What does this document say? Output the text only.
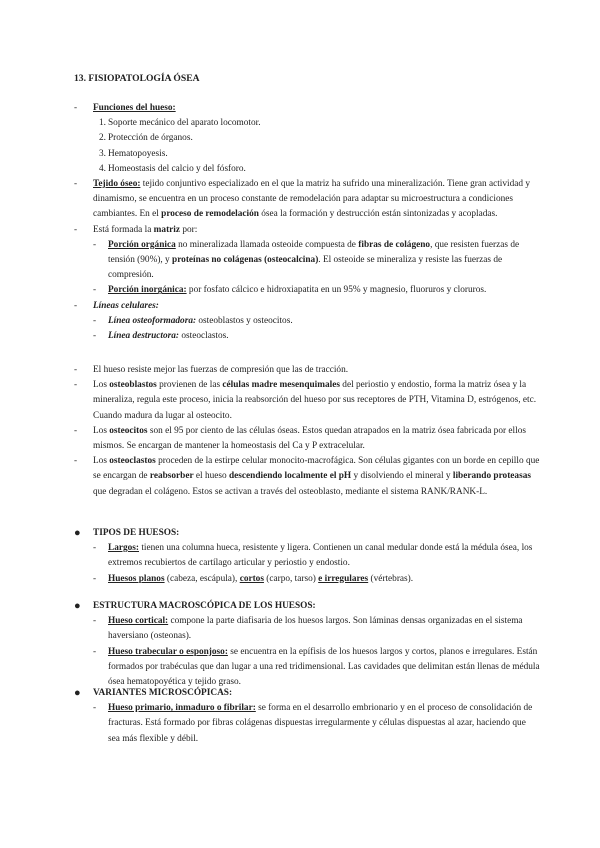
13. FISIOPATOLOGÍA ÓSEA
- Funciones del hueso:
1. Soporte mecánico del aparato locomotor.
2. Protección de órganos.
3. Hematopoyesis.
4. Homeostasis del calcio y del fósforo.
- Tejido óseo: tejido conjuntivo especializado en el que la matriz ha sufrido una mineralización. Tiene gran actividad y dinamismo, se encuentra en un proceso constante de remodelación para adaptar su microestructura a condiciones cambiantes. En el proceso de remodelación ósea la formación y destrucción están sintonizadas y acopladas.
- Está formada la matriz por:
- Porción orgánica no mineralizada llamada osteoide compuesta de fibras de colágeno, que resisten fuerzas de tensión (90%), y proteínas no colágenas (osteocalcina). El osteoide se mineraliza y resiste las fuerzas de compresión.
- Porción inorgánica: por fosfato cálcico e hidroxiapatita en un 95% y magnesio, fluoruros y cloruros.
- Líneas celulares:
- Línea osteoformadora: osteoblastos y osteocitos.
- Línea destructora: osteoclastos.
- El hueso resiste mejor las fuerzas de compresión que las de tracción.
- Los osteoblastos provienen de las células madre mesenquimales del periostio y endostio, forma la matriz ósea y la mineraliza, regula este proceso, inicia la reabsorción del hueso por sus receptores de PTH, Vitamina D, estrógenos, etc. Cuando madura da lugar al osteocito.
- Los osteocitos son el 95 por ciento de las células óseas. Estos quedan atrapados en la matriz ósea fabricada por ellos mismos. Se encargan de mantener la homeostasis del Ca y P extracelular.
- Los osteoclastos proceden de la estirpe celular monocito-macrofágica. Son células gigantes con un borde en cepillo que se encargan de reabsorber el hueso descendiendo localmente el pH y disolviendo el mineral y liberando proteasas que degradan el colágeno. Estos se activan a través del osteoblasto, mediante el sistema RANK/RANK-L.
● TIPOS DE HUESOS:
- Largos: tienen una columna hueca, resistente y ligera. Contienen un canal medular donde está la médula ósea, los extremos recubiertos de cartílago articular y periostio y endostio.
- Huesos planos (cabeza, escápula), cortos (carpo, tarso) e irregulares (vértebras).
● ESTRUCTURA MACROSCÓPICA DE LOS HUESOS:
- Hueso cortical: compone la parte diafisaria de los huesos largos. Son láminas densas organizadas en el sistema haversiano (osteonas).
- Hueso trabecular o esponjoso: se encuentra en la epífisis de los huesos largos y cortos, planos e irregulares. Están formados por trabéculas que dan lugar a una red tridimensional. Las cavidades que delimitan están llenas de médula ósea hematopoyética y tejido graso.
● VARIANTES MICROSCÓPICAS:
- Hueso primario, inmaduro o fibrilar: se forma en el desarrollo embrionario y en el proceso de consolidación de fracturas. Está formado por fibras colágenas dispuestas irregularmente y células dispuestas al azar, haciendo que sea más flexible y débil.
